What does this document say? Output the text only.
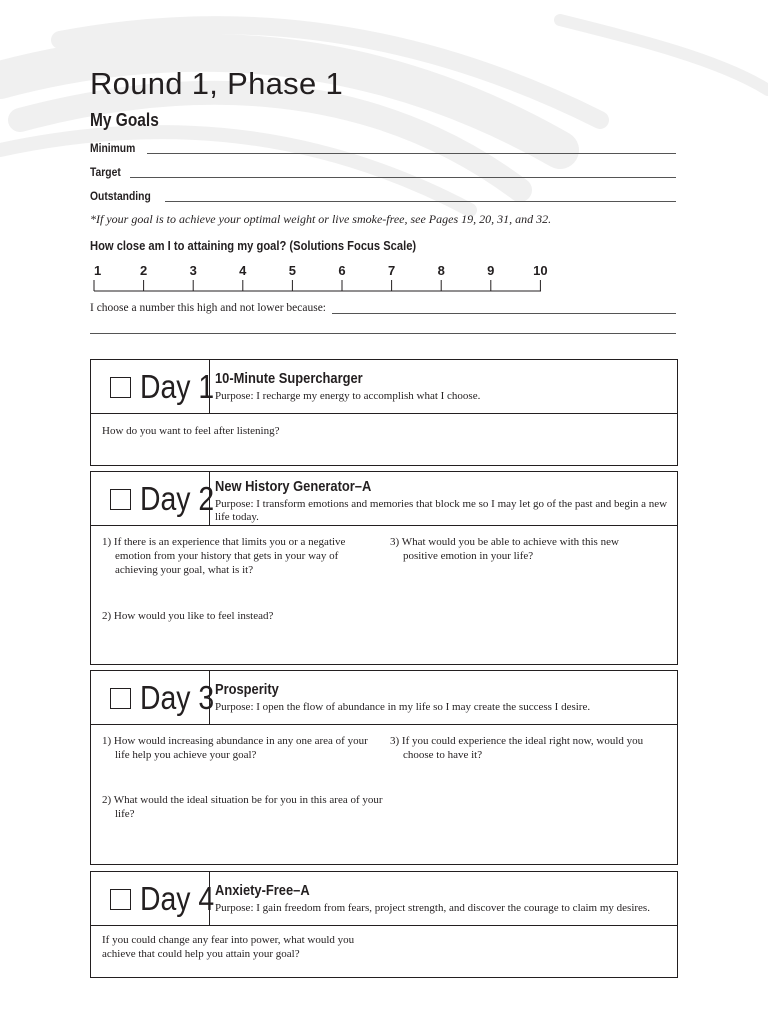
Round 1, Phase 1
My Goals
Minimum
Target
Outstanding

*If your goal is to achieve your optimal weight or live smoke-free, see Pages 19, 20, 31, and 32.

How close am I to attaining my goal? (Solutions Focus Scale)

1	2	3	4	5	6	7	8	9	10
I choose a number this high and not lower because:
Day 1 10-Minute Supercharger
Purpose: I recharge my energy to accomplish what I choose.
How do you want to feel after listening?
Day 2 New History Generator–A
Purpose: I transform emotions and memories that block me so I may let go of the past and begin a new life today.
1) If there is an experience that limits you or a negative emotion from your history that gets in your way of achieving your goal, what is it?
2) How would you like to feel instead?
3) What would you be able to achieve with this new positive emotion in your life?
Day 3 Prosperity
Purpose: I open the flow of abundance in my life so I may create the success I desire.
1) How would increasing abundance in any one area of your life help you achieve your goal?
2) What would the ideal situation be for you in this area of your life?
3) If you could experience the ideal right now, would you choose to have it?
Day 4 Anxiety-Free–A
Purpose: I gain freedom from fears, project strength, and discover the courage to claim my desires.
If you could change any fear into power, what would you achieve that could help you attain your goal?
